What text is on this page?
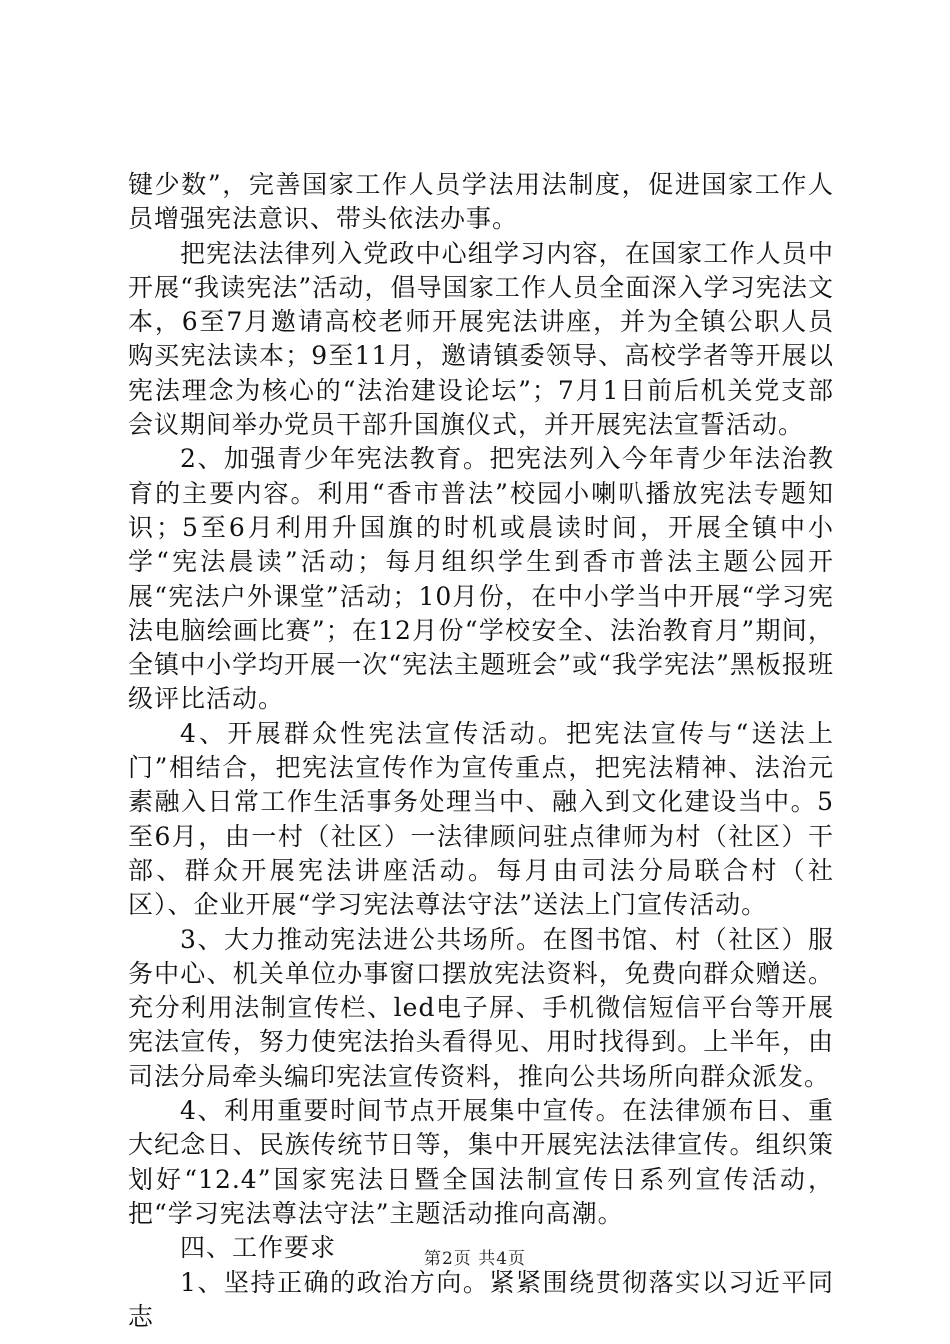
键少数”，完善国家工作人员学法用法制度，促进国家工作人员增强宪法意识、带头依法办事。

把宪法法律列入党政中心组学习内容，在国家工作人员中开展“我读宪法”活动，倡导国家工作人员全面深入学习宪法文本，6至7月邀请高校老师开展宪法讲座，并为全镇公职人员购买宪法读本；9至11月，邀请镇委领导、高校学者等开展以宪法理念为核心的“法治建设论坛”；7月1日前后机关党支部会议期间举办党员干部升国旗仪式，并开展宪法宣誓活动。

2、加强青少年宪法教育。把宪法列入今年青少年法治教育的主要内容。利用“香市普法”校园小喇叭播放宪法专题知识；5至6月利用升国旗的时机或晨读时间，开展全镇中小学“宪法晨读”活动；每月组织学生到香市普法主题公园开展“宪法户外课堂”活动；10月份，在中小学当中开展“学习宪法电脑绘画比赛”；在12月份“学校安全、法治教育月”期间，全镇中小学均开展一次“宪法主题班会”或“我学宪法”黑板报班级评比活动。

4、开展群众性宪法宣传活动。把宪法宣传与“送法上门”相结合，把宪法宣传作为宣传重点，把宪法精神、法治元素融入日常工作生活事务处理当中、融入到文化建设当中。5至6月，由一村（社区）一法律顾问驻点律师为村（社区）干部、群众开展宪法讲座活动。每月由司法分局联合村（社区）、企业开展“学习宪法尊法守法”送法上门宣传活动。

3、大力推动宪法进公共场所。在图书馆、村（社区）服务中心、机关单位办事窗口摆放宪法资料，免费向群众赠送。充分利用法制宣传栏、led电子屏、手机微信短信平台等开展宪法宣传，努力使宪法抬头看得见、用时找得到。上半年，由司法分局牵头编印宪法宣传资料，推向公共场所向群众派发。

4、利用重要时间节点开展集中宣传。在法律颁布日、重大纪念日、民族传统节日等，集中开展宪法法律宣传。组织策划好“12.4”国家宪法日暨全国法制宣传日系列宣传活动，把“学习宪法尊法守法”主题活动推向高潮。

四、工作要求

1、坚持正确的政治方向。紧紧围绕贯彻落实以习近平同志

第2页 共4页
